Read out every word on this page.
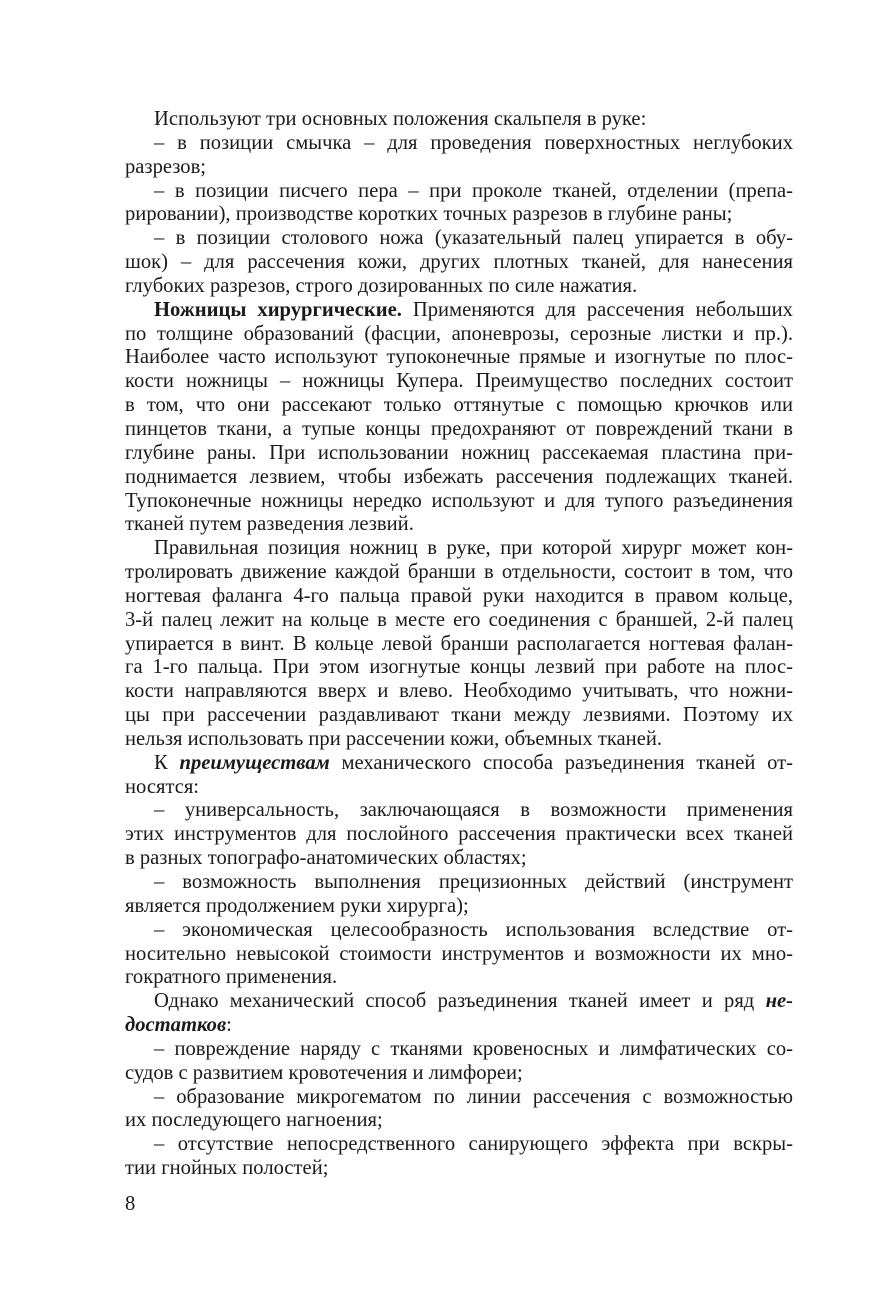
Используют три основных положения скальпеля в руке:
– в позиции смычка – для проведения поверхностных неглубоких
разрезов;
– в позиции писчего пера – при проколе тканей, отделении (препа-
рировании), производстве коротких точных разрезов в глубине раны;
– в позиции столового ножа (указательный палец упирается в обу-
шок) – для рассечения кожи, других плотных тканей, для нанесения
глубоких разрезов, строго дозированных по силе нажатия.
Ножницы хирургические. Применяются для рассечения небольших
по толщине образований (фасции, апоневрозы, серозные листки и пр.).
Наиболее часто используют тупоконечные прямые и изогнутые по плос-
кости ножницы – ножницы Купера. Преимущество последних состоит
в том, что они рассекают только оттянутые с помощью крючков или
пинцетов ткани, а тупые концы предохраняют от повреждений ткани в
глубине раны. При использовании ножниц рассекаемая пластина при-
поднимается лезвием, чтобы избежать рассечения подлежащих тканей.
Тупоконечные ножницы нередко используют и для тупого разъединения
тканей путем разведения лезвий.
Правильная позиция ножниц в руке, при которой хирург может кон-
тролировать движение каждой бранши в отдельности, состоит в том, что
ногтевая фаланга 4-го пальца правой руки находится в правом кольце,
3-й палец лежит на кольце в месте его соединения с браншей, 2-й палец
упирается в винт. В кольце левой бранши располагается ногтевая фалан-
га 1-го пальца. При этом изогнутые концы лезвий при работе на плос-
кости направляются вверх и влево. Необходимо учитывать, что ножни-
цы при рассечении раздавливают ткани между лезвиями. Поэтому их
нельзя использовать при рассечении кожи, объемных тканей.
К преимуществам механического способа разъединения тканей от-
носятся:
– универсальность, заключающаяся в возможности применения
этих инструментов для послойного рассечения практически всех тканей
в разных топографо-анатомических областях;
– возможность выполнения прецизионных действий (инструмент
является продолжением руки хирурга);
– экономическая целесообразность использования вследствие от-
носительно невысокой стоимости инструментов и возможности их мно-
гократного применения.
Однако механический способ разъединения тканей имеет и ряд не-
достатков:
– повреждение наряду с тканями кровеносных и лимфатических со-
судов с развитием кровотечения и лимфореи;
– образование микрогематом по линии рассечения с возможностью
их последующего нагноения;
– отсутствие непосредственного санирующего эффекта при вскры-
тии гнойных полостей;
8
